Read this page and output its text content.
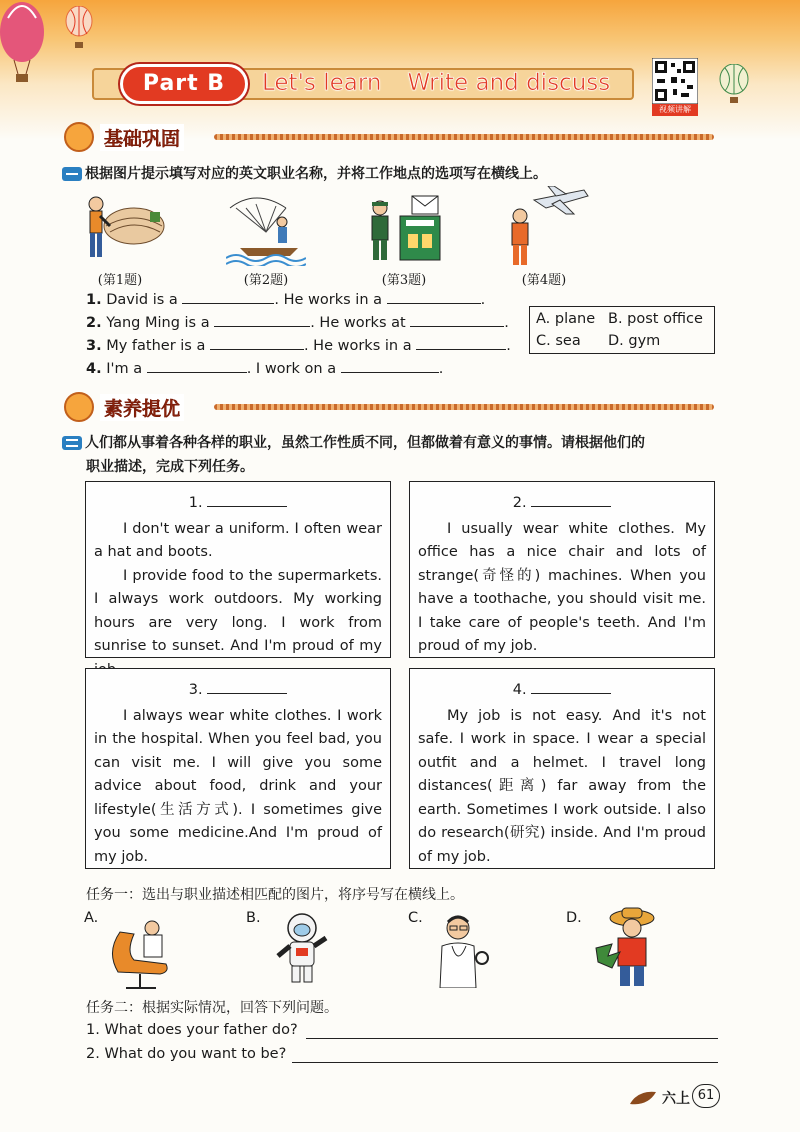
Part B	Let's learn Write and discuss
视频讲解
基础巩固
根据图片提示填写对应的英文职业名称，并将工作地点的选项写在横线上。
(第1题)	(第2题)	(第3题)	(第4题)
1. David is a	. He works in a	.
2. Yang Ming is a	. He works at	.
3. My father is a	. He works in a	.
4. I'm a	. I work on a	.
A. plane B. post office
C. sea D. gym
素养提优
人们都从事着各种各样的职业，虽然工作性质不同，但都做着有意义的事情。请根据他们的
职业描述，完成下列任务。
1.

I don't wear a uniform. I often wear a hat and boots.

I provide food to the supermarkets. I always work outdoors. My working hours are very long. I work from sunrise to sunset. And I'm proud of my

2.

I usually wear white clothes. My office has a nice chair and lots of strange(奇怪的) machines. When you have a toothache, you should visit me. I take care of people's teeth. And I'm proud of my job.

3.

I always wear white clothes. I work in the hospital. When you feel bad, you can visit me. I will give you some advice about food, drink and your lifestyle(生活方式). I sometimes give you some medicine.And I'm proud of my job.

4.

My job is not easy. And it's not safe. I work in space. I wear a special outfit and a helmet. I travel long distances(距离) far away from the earth. Sometimes I work outside. I also do research(研究) inside. And I'm proud of my job.

任务一：选出与职业描述相匹配的图片，将序号写在横线上。
A.	B.	C.	D.
任务二：根据实际情况，回答下列问题。
1. What does your father do?
2. What do you want to be?
六上 61
